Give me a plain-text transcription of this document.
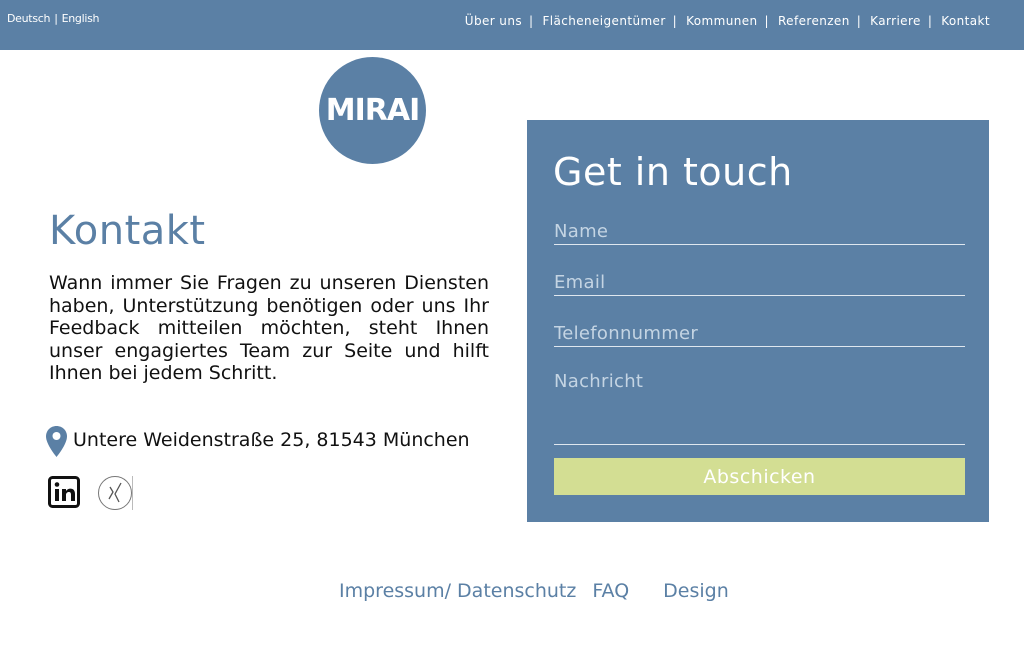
Deutsch | English	Über uns | Flächeneigentümer | Kommunen | Referenzen | Karriere | Kontakt
MIRAI
Kontakt
Wann immer Sie Fragen zu unseren Diensten haben, Unterstützung benötigen oder uns Ihr Feedback mitteilen möchten, steht Ihnen unser engagiertes Team zur Seite und hilft Ihnen bei jedem Schritt.
Untere Weidenstraße 25, 81543 München
Get in touch
Name
Email
Telefonnummer
Nachricht
Abschicken
Impressum/ Datenschutz FAQ Design
